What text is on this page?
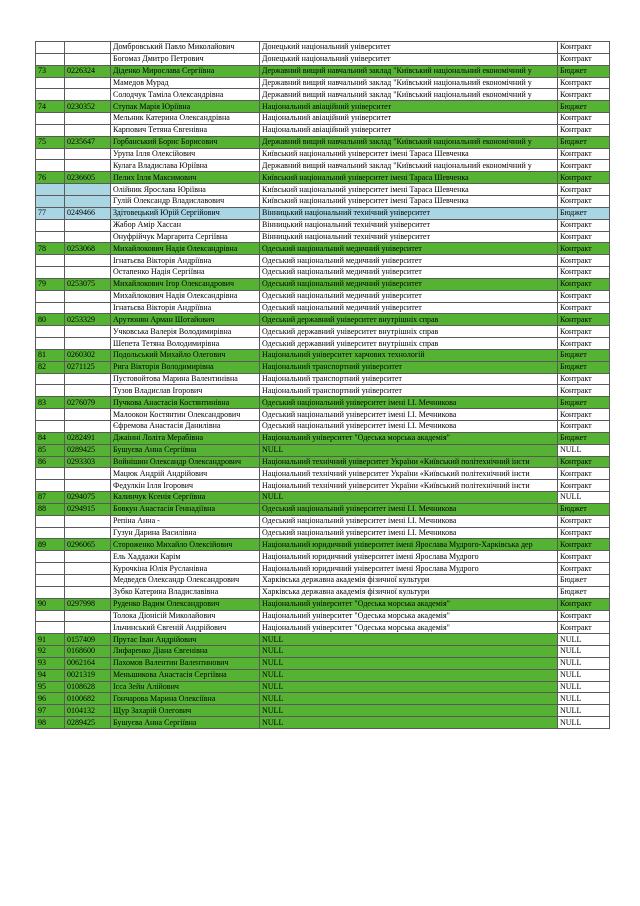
		Домбровський Павло Миколайович	Донецький національний університет	Контракт
		Богомаз Дмитро Петрович	Донецький національний університет	Контракт
73	0226324	Діденко Мирослава Сергіївна	Державний вищий навчальний заклад "Київський національний економічний у	Бюджет
		Мамедов Мурад	Державний вищий навчальний заклад "Київський національний економічний у	Контракт
		Солодчук Таміла Олександрівна	Державний вищий навчальний заклад "Київський національний економічний у	Контракт
74	0230352	Ступак Марія Юріївна	Національний авіаційний університет	Бюджет
		Мельник Катерина Олександрівна	Національний авіаційний університет	Контракт
		Карпович Тетяна Євгенівна	Національний авіаційний університет	Контракт
75	0235647	Горбанський Борис Борисович	Державний вищий навчальний заклад "Київський національний економічний у	Бюджет
		Урупа Ілля Олексійович	Київський національний університет імені Тараса Шевченка	Контракт
		Кулага Владислава Юріївна	Державний вищий навчальний заклад "Київський національний економічний у	Контракт
76	0236605	Пелих Ілля Максимович	Київський національний університет імені Тараса Шевченка	Контракт
		Олійник Ярослава Юріївна	Київський національний університет імені Тараса Шевченка	Контракт
		Гулій Олександр Владиславович	Київський національний університет імені Тараса Шевченка	Контракт
77	0249466	Здітовецький Юрій Сергійович	Вінницький національний технічний університет	Бюджет
		Жабор Амір Хассан	Вінницький національний технічний університет	Контракт
		Онуфрійчук Маргарита Сергіївна	Вінницький національний технічний університет	Контракт
78	0253068	Михайлокович Надія Олександрівна	Одеський національний медичний університет	Контракт
		Ігнатьєва Вікторія Андріївна	Одеський національний медичний університет	Контракт
		Остапенко Надія Сергіївна	Одеський національний медичний університет	Контракт
79	0253075	Михайлокович Ігор Олександрович	Одеський національний медичний університет	Контракт
		Михайлокович Надія Олександрівна	Одеський національний медичний університет	Контракт
		Ігнатьєва Вікторія Андріївна	Одеський національний медичний університет	Контракт
80	0253329	Арутюнян Арман Шотайович	Одеський державний університет внутрішніх справ	Контракт
		Учковська Валерія Володимирівна	Одеський державний університет внутрішніх справ	Контракт
		Шепета Тетяна Володимирівна	Одеський державний університет внутрішніх справ	Контракт
81	0260302	Подольський Михайло Олегович	Національний університет харчових технологій	Бюджет
82	0271125	Рига Вікторія Володимирівна	Національний транспортний університет	Бюджет
		Пустовойтова Марина Валентинівна	Національний транспортний університет	Контракт
		Тузов Владислав Ігорович	Національний транспортний університет	Контракт
83	0276079	Пучкова Анастасія Костянтинівна	Одеський національний університет імені І.І. Мечникова	Бюджет
		Малоокон Костянтин Олександрович	Одеський національний університет імені І.І. Мечникова	Контракт
		Єфремова Анастасія Данилівна	Одеський національний університет імені І.І. Мечникова	Контракт
84	0282491	Джаінні Лоліта Мерабівна	Національний університет "Одеська морська академія"	Бюджет
85	0289425	Бушуєва Анна Сергіївна	NULL	NULL
86	0293303	Войнішин Олександр Олександрович	Національний технічний університет України «Київський політехнічний інсти	Контракт
		Мацюк Андрій Андрійович	Національний технічний університет України «Київський політехнічний інсти	Контракт
		Федулкін Ілля Ігорович	Національний технічний університет України «Київський політехнічний інсти	Контракт
87	0294075	Калинчук Ксенія Сергіївна	NULL	NULL
88	0294915	Бовкун Анастасія Геннадіївна	Одеський національний університет імені І.І. Мечникова	Бюджет
		Репіна Анна -	Одеський національний університет імені І.І. Мечникова	Контракт
		Гузун Дарина Василівна	Одеський національний університет імені І.І. Мечникова	Контракт
89	0296065	Стороженко Михайло Олексійович	Національний юридичний університет імені Ярослава Мудрого-Харківська дер	Контракт
		Ель Хаддажи Карім	Національний юридичний університет імені Ярослава Мудрого	Контракт
		Курочкіна Юлія Русланівна	Національний юридичний університет імені Ярослава Мудрого	Контракт
		Медведєв Олександр Олександрович	Харківська державна академія фізичної культури	Бюджет
		Зубко Катерина Владиславівна	Харківська державна академія фізичної культури	Бюджет
90	0297998	Руденко Вадим Олександрович	Національний університет "Одеська морська академія"	Контракт
		Толока Діонісій Миколайович	Національний університет "Одеська морська академія"	Контракт
		Ільчинський Євгеній Андрійович	Національний університет "Одеська морська академія"	Контракт
91	0157409	Прутас Іван Андрійович	NULL	NULL
92	0168600	Лифаренко Діана Євгенівна	NULL	NULL
93	0062164	Пахомов Валентин Валентинович	NULL	NULL
94	0021319	Меньшикова Анастасія Сергіївна	NULL	NULL
95	0108628	Ісса Зейн Алійович	NULL	NULL
96	0100682	Гончарова Марина Олексіївна	NULL	NULL
97	0104132	Щур Захарій Олегович	NULL	NULL
98	0289425	Бушуєва Анна Сергіївна	NULL	NULL
